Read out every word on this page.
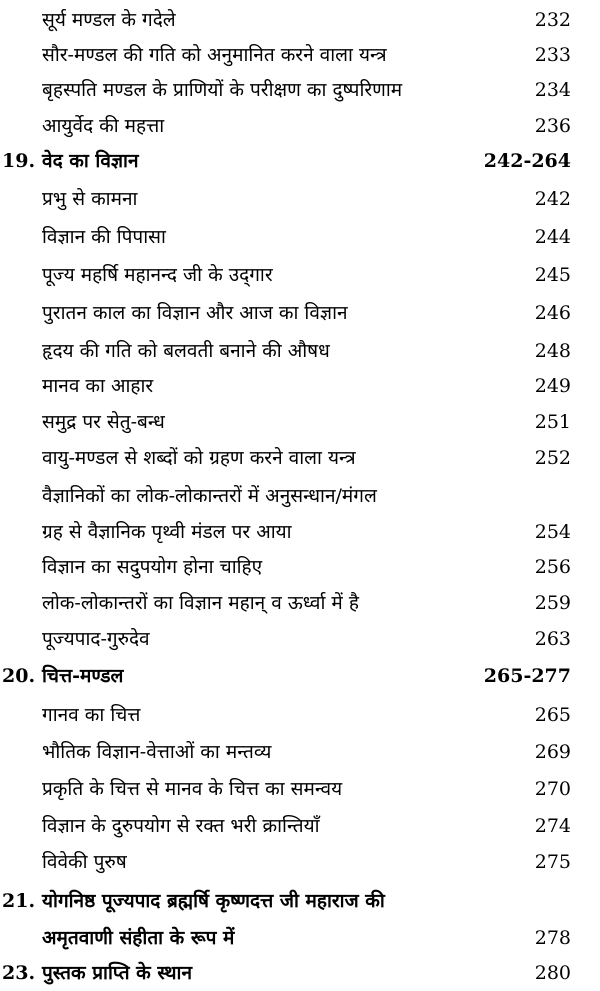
सूर्य मण्डल के गदेले	232
सौर-मण्डल की गति को अनुमानित करने वाला यन्त्र	233
बृहस्पति मण्डल के प्राणियों के परीक्षण का दुष्परिणाम	234
आयुर्वेद की महत्ता	236
19. वेद का विज्ञान	242-264
प्रभु से कामना	242
विज्ञान की पिपासा	244
पूज्य महर्षि महानन्द जी के उद्‌गार	245
पुरातन काल का विज्ञान और आज का विज्ञान	246
हृदय की गति को बलवती बनाने की औषध	248
मानव का आहार	249
समुद्र पर सेतु-बन्ध	251
वायु-मण्डल से शब्दों को ग्रहण करने वाला यन्त्र	252
वैज्ञानिकों का लोक-लोकान्तरों में अनुसन्धान/मंगल
ग्रह से वैज्ञानिक पृथ्वी मंडल पर आया	254
विज्ञान का सदुपयोग होना चाहिए	256
लोक-लोकान्तरों का विज्ञान महान् व ऊर्ध्वा में है	259
पूज्यपाद-गुरुदेव	263
20. चित्त-मण्डल	265-277
गानव का चित्त	265
भौतिक विज्ञान-वेत्ताओं का मन्तव्य	269
प्रकृति के चित्त से मानव के चित्त का समन्वय	270
विज्ञान के दुरुपयोग से रक्त भरी क्रान्तियाँ	274
विवेकी पुरुष	275
21. योगनिष्ठ पूज्यपाद ब्रह्मर्षि कृष्णदत्त जी महाराज की
अमृतवाणी संहीता के रूप में	278
23. पुस्तक प्राप्ति के स्थान	280
